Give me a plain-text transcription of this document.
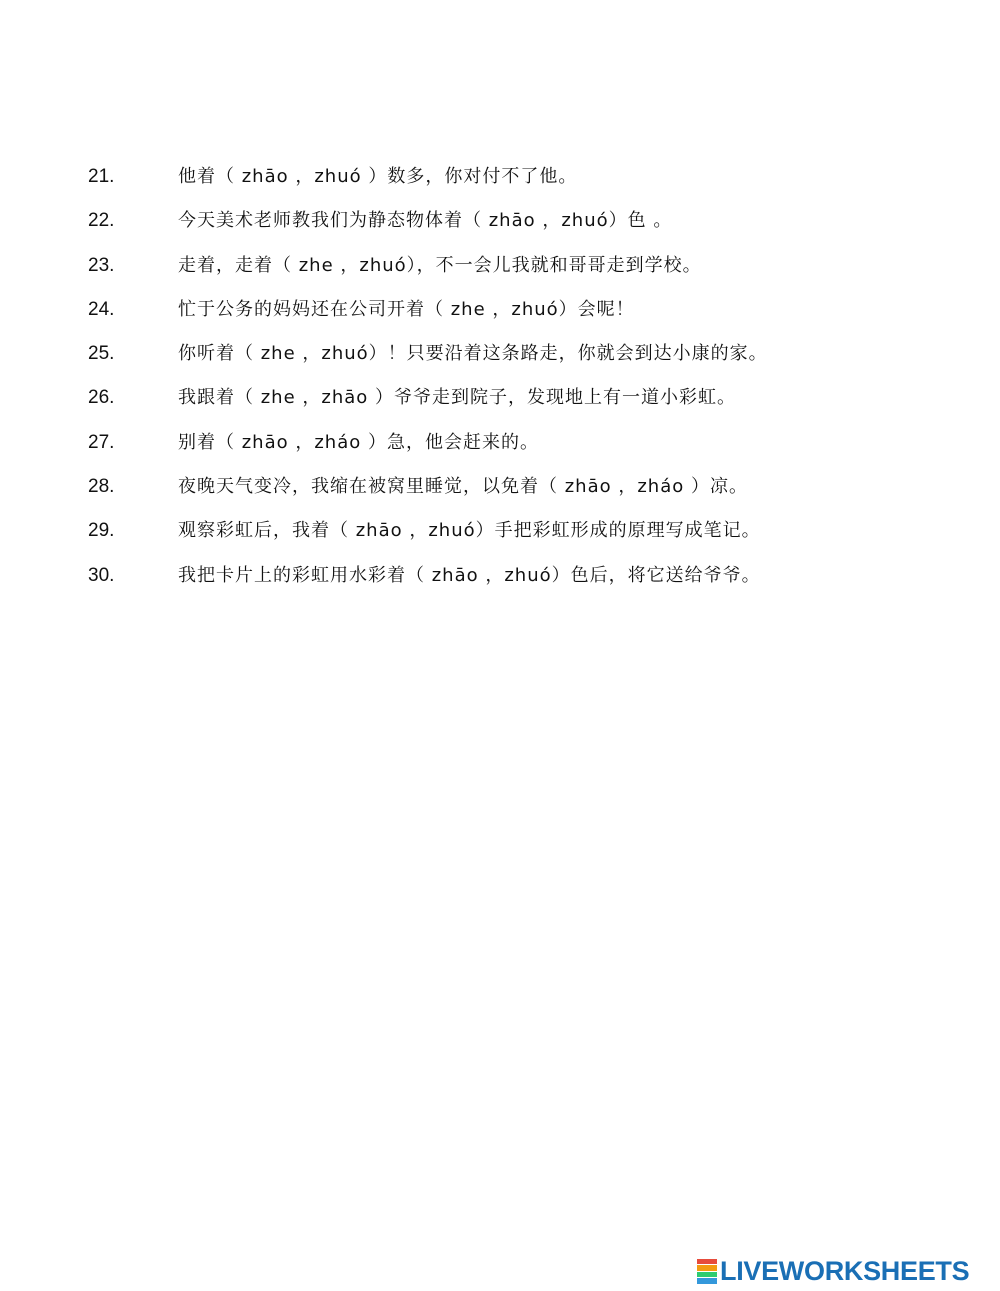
21.	他着（ zhāo ，zhuó ）数多，你对付不了他。
22.	今天美术老师教我们为静态物体着（ zhāo ，zhuó）色 。
23.	走着，走着（ zhe ，zhuó），不一会儿我就和哥哥走到学校。
24.	忙于公务的妈妈还在公司开着（ zhe ，zhuó）会呢！
25.	你听着（ zhe ，zhuó）！只要沿着这条路走，你就会到达小康的家。
26.	我跟着（ zhe ，zhāo ）爷爷走到院子，发现地上有一道小彩虹。
27.	别着（ zhāo ，zháo ）急，他会赶来的。
28.	夜晚天气变冷，我缩在被窝里睡觉，以免着（ zhāo ，zháo ）凉。
29.	观察彩虹后，我着（ zhāo ，zhuó）手把彩虹形成的原理写成笔记。
30.	我把卡片上的彩虹用水彩着（ zhāo ，zhuó）色后，将它送给爷爷。
LIVEWORKSHEETS
